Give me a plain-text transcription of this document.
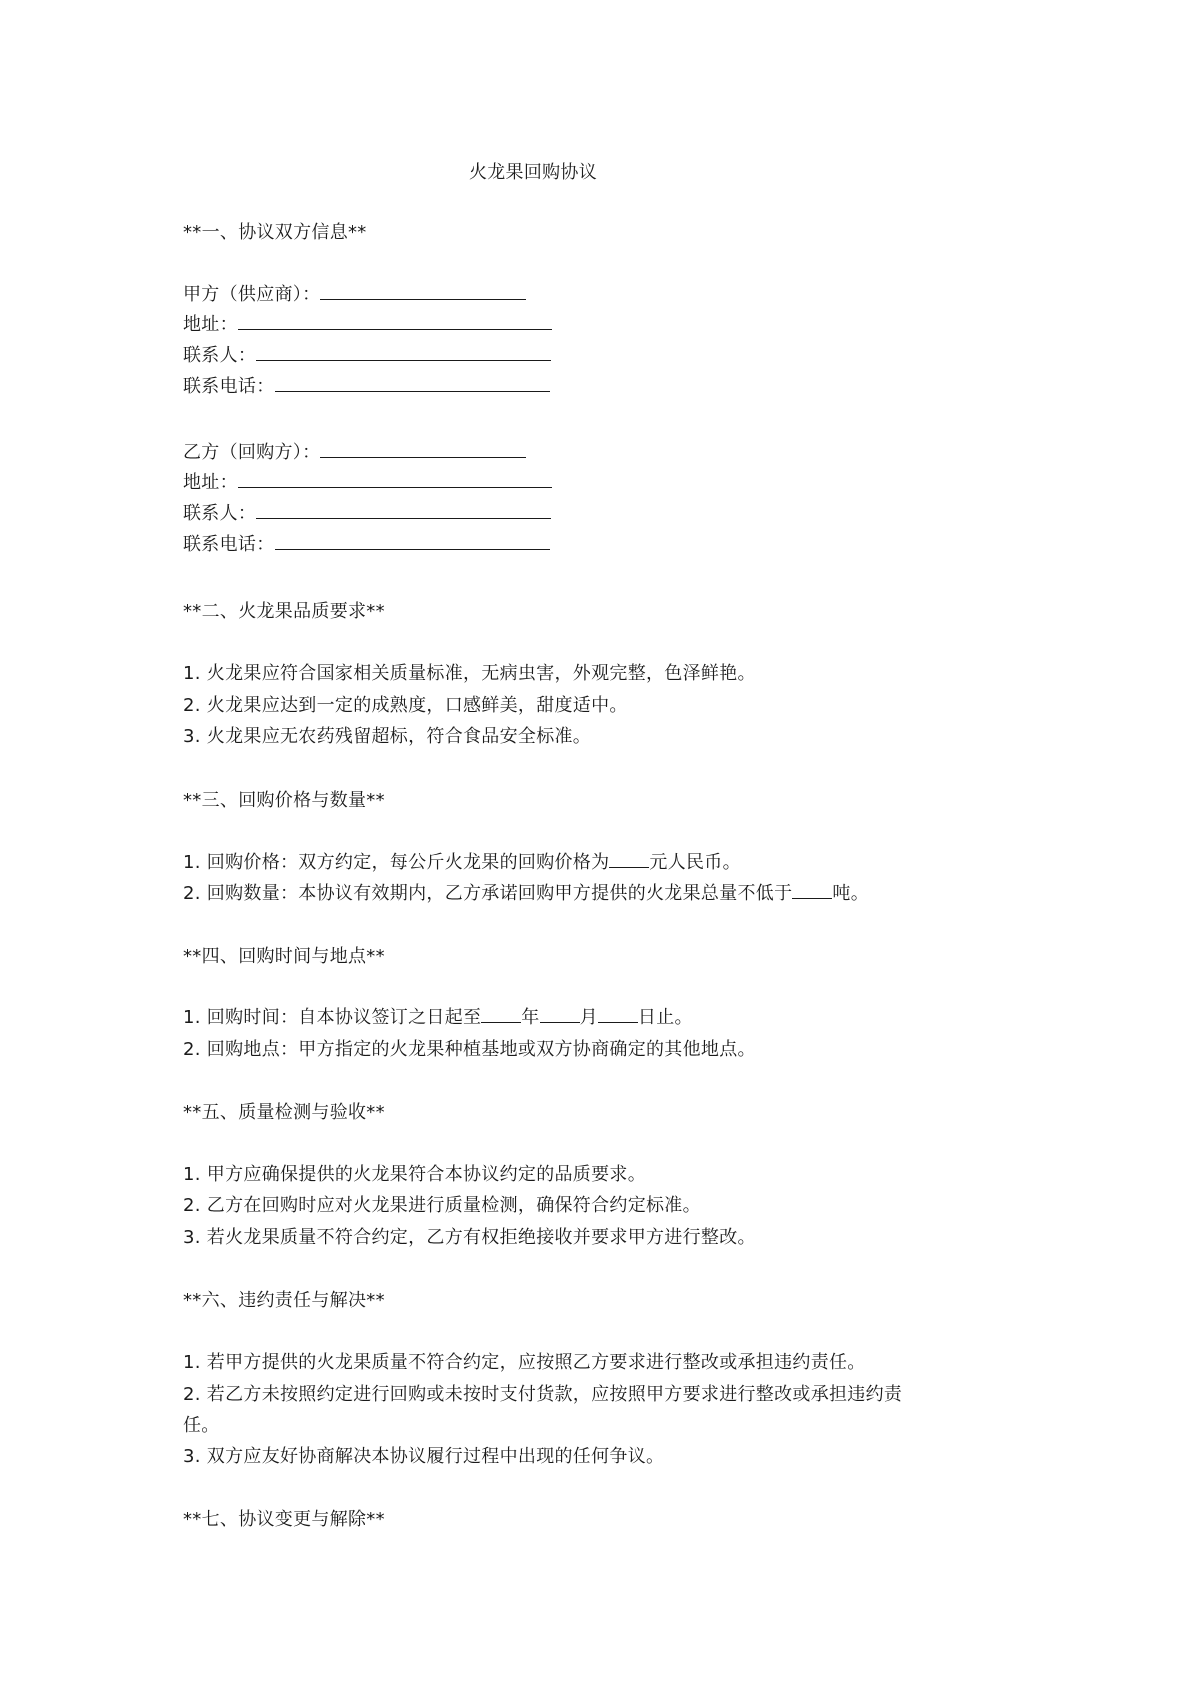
火龙果回购协议
**一、协议双方信息**
甲方（供应商）：
地址：
联系人：
联系电话：
乙方（回购方）：
地址：
联系人：
联系电话：
**二、火龙果品质要求**
1. 火龙果应符合国家相关质量标准，无病虫害，外观完整，色泽鲜艳。
2. 火龙果应达到一定的成熟度，口感鲜美，甜度适中。
3. 火龙果应无农药残留超标，符合食品安全标准。
**三、回购价格与数量**
1. 回购价格：双方约定，每公斤火龙果的回购价格为 元人民币。
2. 回购数量：本协议有效期内，乙方承诺回购甲方提供的火龙果总量不低于 吨。
**四、回购时间与地点**
1. 回购时间：自本协议签订之日起至 年 月 日止。
2. 回购地点：甲方指定的火龙果种植基地或双方协商确定的其他地点。
**五、质量检测与验收**
1. 甲方应确保提供的火龙果符合本协议约定的品质要求。
2. 乙方在回购时应对火龙果进行质量检测，确保符合约定标准。
3. 若火龙果质量不符合约定，乙方有权拒绝接收并要求甲方进行整改。
**六、违约责任与解决**
1. 若甲方提供的火龙果质量不符合约定，应按照乙方要求进行整改或承担违约责任。
2. 若乙方未按照约定进行回购或未按时支付货款，应按照甲方要求进行整改或承担违约责
任。
3. 双方应友好协商解决本协议履行过程中出现的任何争议。
**七、协议变更与解除**
